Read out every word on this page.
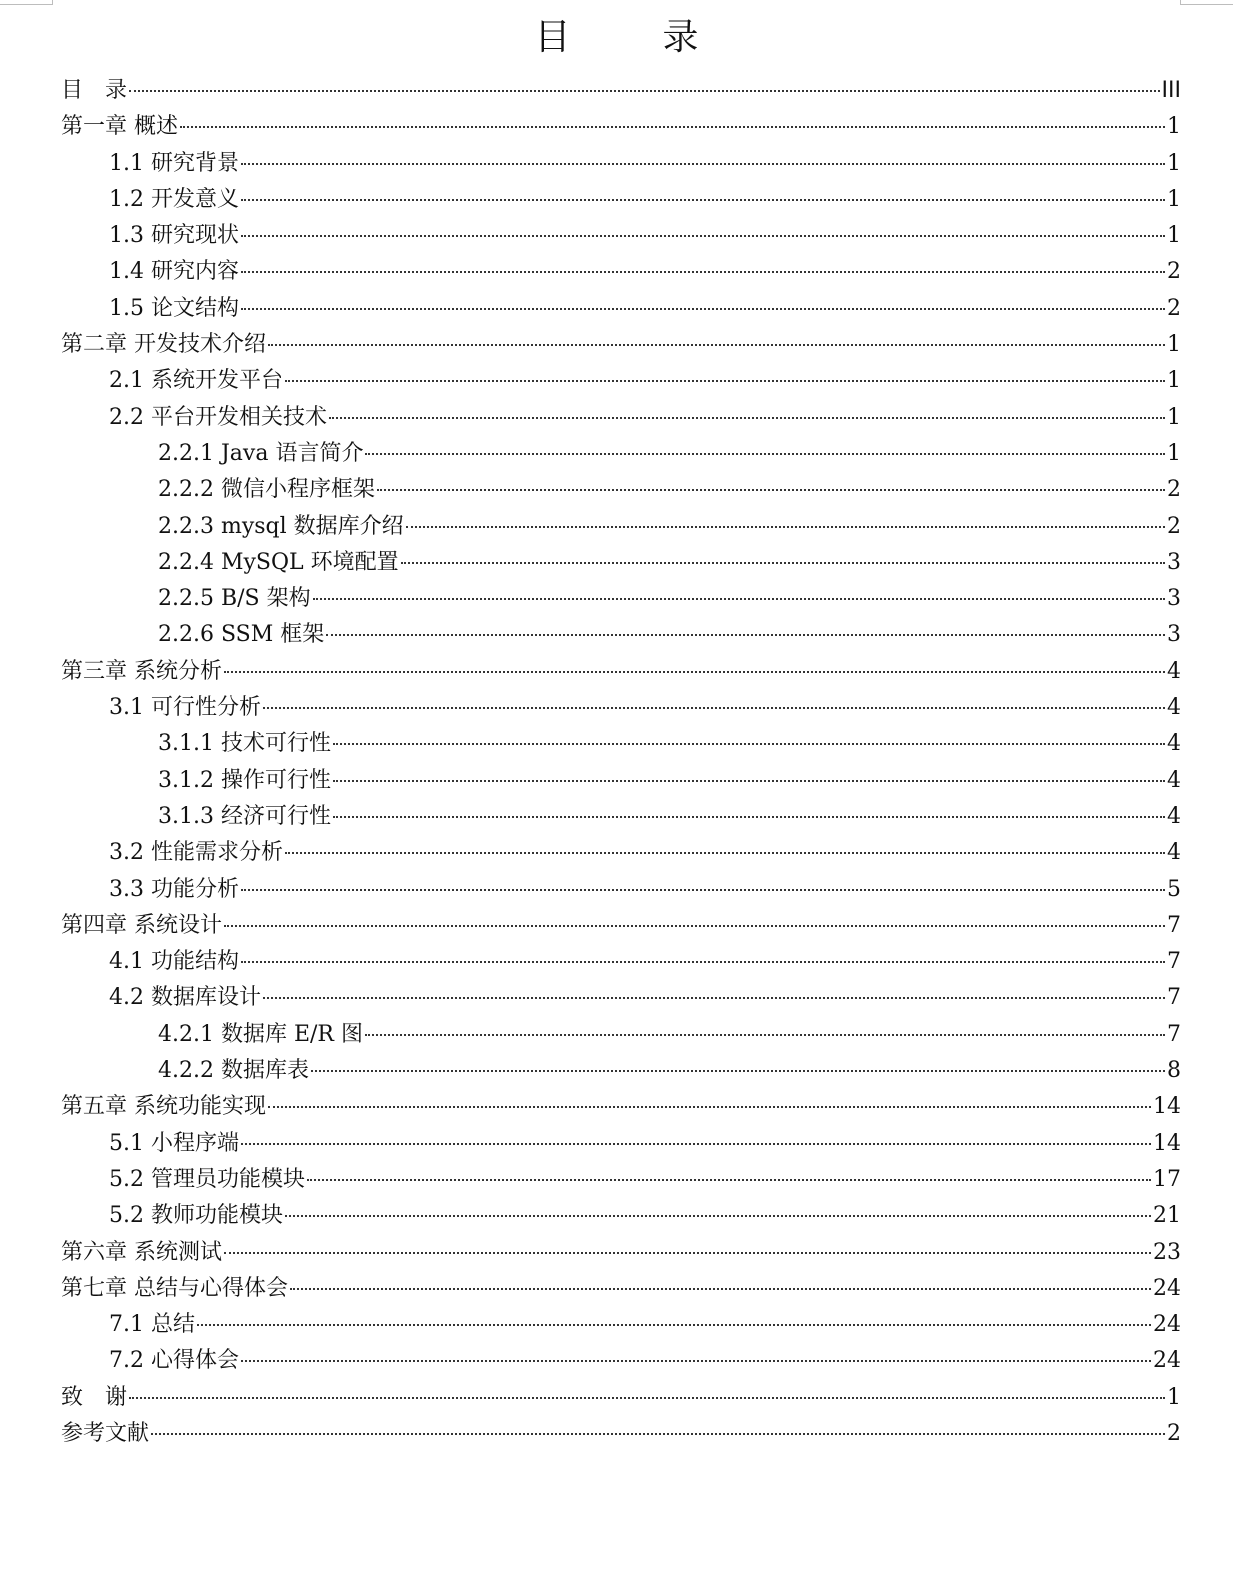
目　录
目　录	III
第一章 概述	1
1.1 研究背景	1
1.2 开发意义	1
1.3 研究现状	1
1.4 研究内容	2
1.5 论文结构	2
第二章 开发技术介绍	1
2.1 系统开发平台	1
2.2 平台开发相关技术	1
2.2.1 Java 语言简介	1
2.2.2 微信小程序框架	2
2.2.3 mysql 数据库介绍	2
2.2.4 MySQL 环境配置	3
2.2.5 B/S 架构	3
2.2.6 SSM 框架	3
第三章 系统分析	4
3.1 可行性分析	4
3.1.1 技术可行性	4
3.1.2 操作可行性	4
3.1.3 经济可行性	4
3.2 性能需求分析	4
3.3 功能分析	5
第四章 系统设计	7
4.1 功能结构	7
4.2 数据库设计	7
4.2.1 数据库 E/R 图	7
4.2.2 数据库表	8
第五章 系统功能实现	14
5.1 小程序端	14
5.2 管理员功能模块	17
5.2 教师功能模块	21
第六章 系统测试	23
第七章 总结与心得体会	24
7.1 总结	24
7.2 心得体会	24
致　谢	1
参考文献	2
